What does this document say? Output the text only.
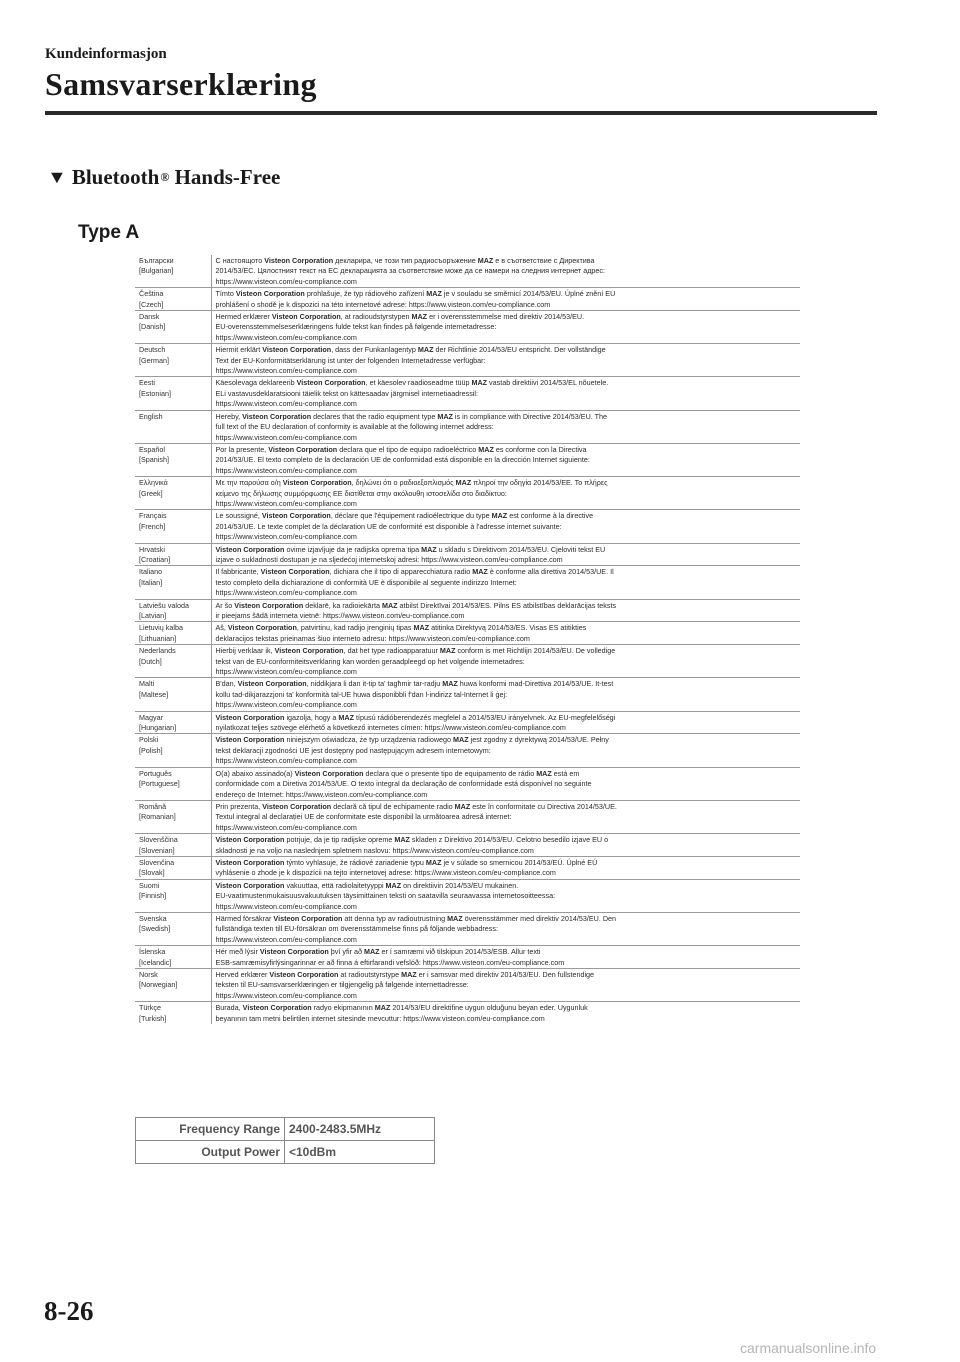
Kundeinformasjon
Samsvarserklæring
▼ Bluetooth ® Hands-Free
Type A
Български
[Bulgarian]	С настоящото Visteon Corporation декларира, че този тип радиосъоръжение MAZ е в съответствие с Директива
2014/53/ЕС. Цялостният текст на ЕС декларацията за съответствие може да се намери на следния интернет адрес:
https://www.visteon.com/eu-compliance.com

Čeština
[Czech]	Tímto Visteon Corporation prohlašuje, že typ rádiového zařízení MAZ je v souladu se směrnicí 2014/53/EU. Úplné znění EU
prohlášení o shodě je k dispozici na této internetové adrese: https://www.visteon.com/eu-compliance.com

Dansk
[Danish]	Hermed erklærer Visteon Corporation, at radioudstyrstypen MAZ er i overensstemmelse med direktiv 2014/53/EU.
EU-overensstemmelseserklæringens fulde tekst kan findes på følgende internetadresse:
https://www.visteon.com/eu-compliance.com

Deutsch
[German]	Hiermit erklärt Visteon Corporation, dass der Funkanlagentyp MAZ der Richtlinie 2014/53/EU entspricht. Der vollständige
Text der EU-Konformitätserklärung ist unter der folgenden Internetadresse verfügbar:
https://www.visteon.com/eu-compliance.com

Eesti
[Estonian]	Käesolevaga deklareerib Visteon Corporation, et käesolev raadioseadme tüüp MAZ vastab direktiivi 2014/53/EL nõuetele.
ELi vastavusdeklaratsiooni täielik tekst on kättesaadav järgmisel internetiaadressil:
https://www.visteon.com/eu-compliance.com

English	Hereby, Visteon Corporation declares that the radio equipment type MAZ is in compliance with Directive 2014/53/EU. The
full text of the EU declaration of conformity is available at the following internet address:
https://www.visteon.com/eu-compliance.com

Español
[Spanish]	Por la presente, Visteon Corporation declara que el tipo de equipo radioeléctrico MAZ es conforme con la Directiva
2014/53/UE. El texto completo de la declaración UE de conformidad está disponible en la dirección Internet siguiente:
https://www.visteon.com/eu-compliance.com

Ελληνικά
[Greek]	Με την παρούσα ο/η Visteon Corporation, δηλώνει ότι ο ραδιοεξοπλισμός MAZ πληροί την οδηγία 2014/53/ΕΕ. Το πλήρες
κείμενο της δήλωσης συμμόρφωσης ΕΕ διατίθεται στην ακόλουθη ιστοσελίδα στο διαδίκτυο:
https://www.visteon.com/eu-compliance.com

Français
[French]	Le soussigné, Visteon Corporation, déclare que l'équipement radioélectrique du type MAZ est conforme à la directive
2014/53/UE. Le texte complet de la déclaration UE de conformité est disponible à l'adresse internet suivante:
https://www.visteon.com/eu-compliance.com

Hrvatski
[Croatian]	Visteon Corporation ovime izjavljuje da je radijska oprema tipa MAZ u skladu s Direktivom 2014/53/EU. Cjeloviti tekst EU
izjave o sukladnosti dostupan je na sljedećoj internetskoj adresi: https://www.visteon.com/eu-compliance.com

Italiano
[Italian]	Il fabbricante, Visteon Corporation, dichiara che il tipo di apparecchiatura radio MAZ è conforme alla direttiva 2014/53/UE. Il
testo completo della dichiarazione di conformità UE è disponibile al seguente indirizzo Internet:
https://www.visteon.com/eu-compliance.com

Latviešu valoda
[Latvian]	Ar šo Visteon Corporation deklarē, ka radioiekārta MAZ atbilst Direktīvai 2014/53/ES. Pilns ES atbilstības deklarācijas teksts
ir pieejams šādā interneta vietnē: https://www.visteon.com/eu-compliance.com

Lietuvių kalba
[Lithuanian]	Aš, Visteon Corporation, patvirtinu, kad radijo įrenginių tipas MAZ atitinka Direktyvą 2014/53/ES. Visas ES atitikties
deklaracijos tekstas prieinamas šiuo interneto adresu: https://www.visteon.com/eu-compliance.com

Nederlands
[Dutch]	Hierbij verklaar ik, Visteon Corporation, dat het type radioapparatuur MAZ conform is met Richtlijn 2014/53/EU. De volledige
tekst van de EU-conformiteitsverklaring kan worden geraadpleegd op het volgende internetadres:
https://www.visteon.com/eu-compliance.com

Malti
[Maltese]	B'dan, Visteon Corporation, niddikjara li dan it-tip ta' tagħmir tar-radju MAZ huwa konformi mad-Direttiva 2014/53/UE. It-test
kollu tad-dikjarazzjoni ta' konformità tal-UE huwa disponibbli f'dan l-indirizz tal-Internet li ġej:
https://www.visteon.com/eu-compliance.com

Magyar
[Hungarian]	Visteon Corporation igazolja, hogy a MAZ típusú rádióberendezés megfelel a 2014/53/EU irányelvnek. Az EU-megfelelőségi
nyilatkozat teljes szövege elérhető a következő internetes címen: https://www.visteon.com/eu-compliance.com

Polski
[Polish]	Visteon Corporation niniejszym oświadcza, że typ urządzenia radiowego MAZ jest zgodny z dyrektywą 2014/53/UE. Pełny
tekst deklaracji zgodności UE jest dostępny pod następującym adresem internetowym:
https://www.visteon.com/eu-compliance.com

Português
[Portuguese]	O(a) abaixo assinado(a) Visteon Corporation declara que o presente tipo de equipamento de rádio MAZ está em
conformidade com a Diretiva 2014/53/UE. O texto integral da declaração de conformidade está disponível no seguinte
endereço de Internet: https://www.visteon.com/eu-compliance.com

Română
[Romanian]	Prin prezenta, Visteon Corporation declară că tipul de echipamente radio MAZ este în conformitate cu Directiva 2014/53/UE.
Textul integral al declarației UE de conformitate este disponibil la următoarea adresă internet:
https://www.visteon.com/eu-compliance.com

Slovenščina
[Slovenian]	Visteon Corporation potrjuje, da je tip radijske opreme MAZ skladen z Direktivo 2014/53/EU. Celotno besedilo izjave EU o
skladnosti je na voljo na naslednjem spletnem naslovu: https://www.visteon.com/eu-compliance.com

Slovenčina
[Slovak]	Visteon Corporation týmto vyhlasuje, že rádiové zariadenie typu MAZ je v súlade so smernicou 2014/53/EÚ. Úplné EÚ
vyhlásenie o zhode je k dispozícii na tejto internetovej adrese: https://www.visteon.com/eu-compliance.com

Suomi
[Finnish]	Visteon Corporation vakuuttaa, että radiolaitetyyppi MAZ on direktiivin 2014/53/EU mukainen.
EU-vaatimustenmukaisuusvakuutuksen täysimittainen teksti on saatavilla seuraavassa internetosoitteessa:
https://www.visteon.com/eu-compliance.com

Svenska
[Swedish]	Härmed försäkrar Visteon Corporation att denna typ av radioutrustning MAZ överensstämmer med direktiv 2014/53/EU. Den
fullständiga texten till EU-försäkran om överensstämmelse finns på följande webbadress:
https://www.visteon.com/eu-compliance.com

Íslenska
[Icelandic]	Hér með lýsir Visteon Corporation því yfir að MAZ er í samræmi við tilskipun 2014/53/ESB. Allur texti
ESB-samræmisyfirlýsingarinnar er að finna á eftirfarandi vefslóð: https://www.visteon.com/eu-compliance.com

Norsk
[Norwegian]	Herved erklærer Visteon Corporation at radioutstyrstype MAZ er i samsvar med direktiv 2014/53/EU. Den fullstendige
teksten til EU-samsvarserklæringen er tilgjengelig på følgende internettadresse:
https://www.visteon.com/eu-compliance.com

Türkçe
[Turkish]	Burada, Visteon Corporation radyo ekipmanının MAZ 2014/53/EU direktifine uygun olduğunu beyan eder. Uygunluk
beyanının tam metni belirtilen internet sitesinde mevcuttur: https://www.visteon.com/eu-compliance.com
Frequency Range	2400-2483.5MHz
Output Power	<10dBm
8-26
carmanualsonline.info
